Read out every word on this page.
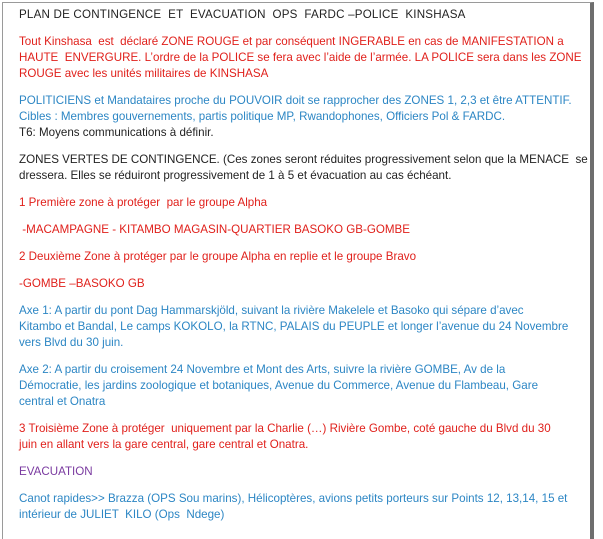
PLAN DE CONTINGENCE  ET  EVACUATION  OPS  FARDC –POLICE  KINSHASA

Tout Kinshasa  est  déclaré ZONE ROUGE et par conséquent INGERABLE en cas de MANIFESTATION a

HAUTE  ENVERGURE. L’ordre de la POLICE se fera avec l’aide de l’armée. LA POLICE sera dans les ZONE

ROUGE avec les unités militaires de KINSHASA

POLITICIENS et Mandataires proche du POUVOIR doit se rapprocher des ZONES 1, 2,3 et être ATTENTIF.

Cibles : Membres gouvernements, partis politique MP, Rwandophones, Officiers Pol & FARDC.

T6: Moyens communications à définir.

ZONES VERTES DE CONTINGENCE. (Ces zones seront réduites progressivement selon que la MENACE  se

dressera. Elles se réduiront progressivement de 1 à 5 et évacuation au cas échéant.

1 Première zone à protéger  par le groupe Alpha

-MACAMPAGNE - KITAMBO MAGASIN-QUARTIER BASOKO GB-GOMBE

2 Deuxième Zone à protéger par le groupe Alpha en replie et le groupe Bravo

-GOMBE –BASOKO GB

Axe 1: A partir du pont Dag Hammarskjöld, suivant la rivière Makelele et Basoko qui sépare d’avec

Kitambo et Bandal, Le camps KOKOLO, la RTNC, PALAIS du PEUPLE et longer l’avenue du 24 Novembre

vers Blvd du 30 juin.

Axe 2: A partir du croisement 24 Novembre et Mont des Arts, suivre la rivière GOMBE, Av de la

Démocratie, les jardins zoologique et botaniques, Avenue du Commerce, Avenue du Flambeau, Gare

central et Onatra

3 Troisième Zone à protéger  uniquement par la Charlie (…) Rivière Gombe, coté gauche du Blvd du 30

juin en allant vers la gare central, gare central et Onatra.

EVACUATION

Canot rapides>> Brazza (OPS Sou marins), Hélicoptères, avions petits porteurs sur Points 12, 13,14, 15 et

intérieur de JULIET  KILO (Ops  Ndege)
